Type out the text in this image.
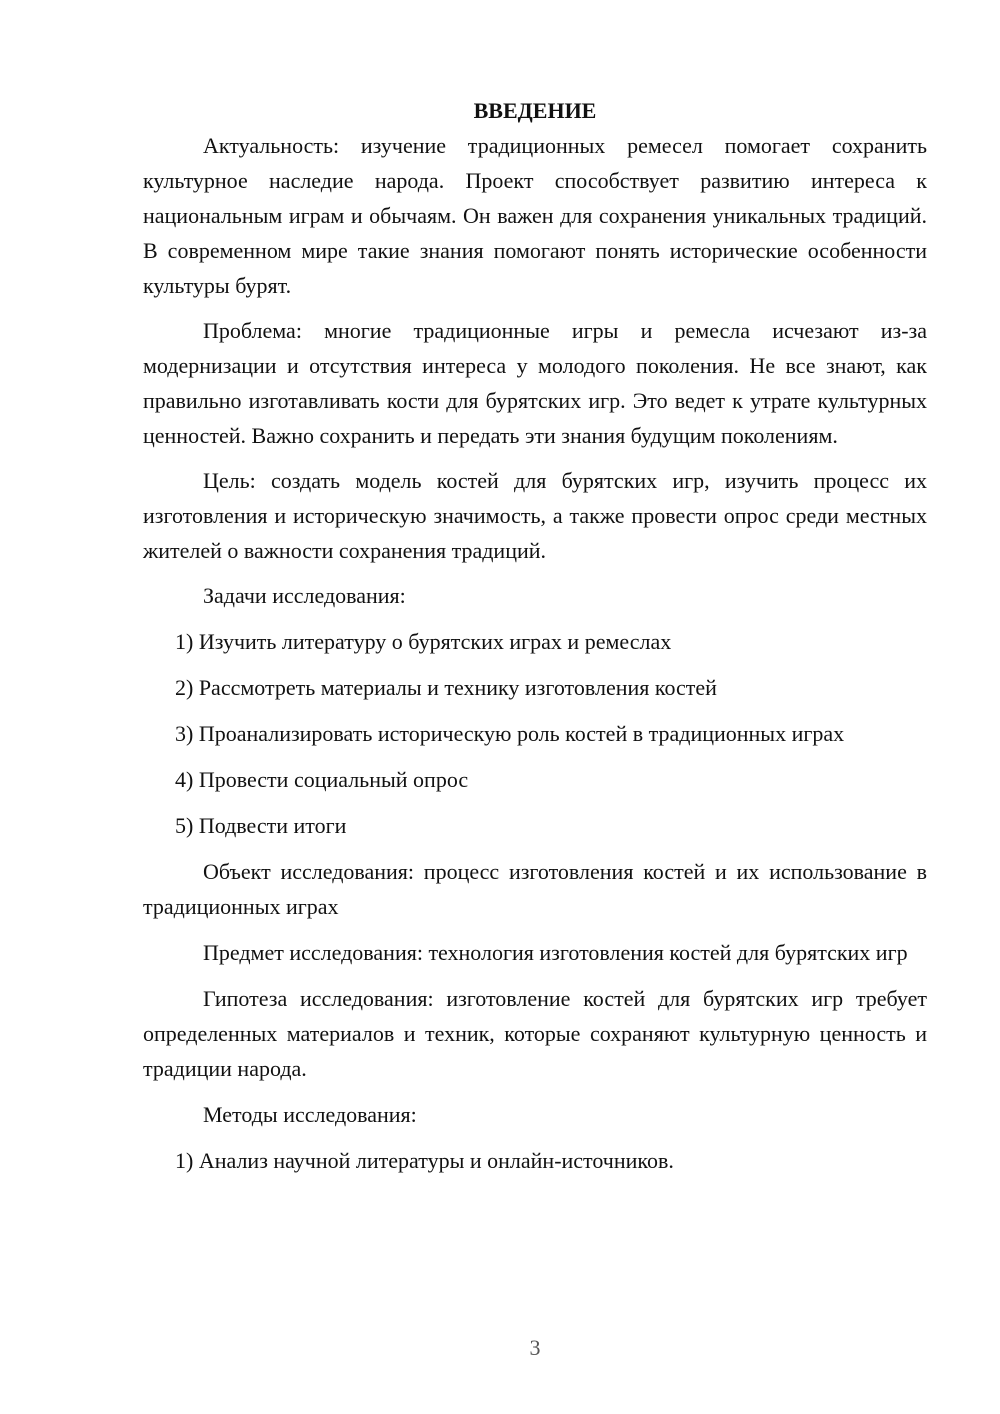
ВВЕДЕНИЕ

Актуальность: изучение традиционных ремесел помогает сохранить культурное наследие народа. Проект способствует развитию интереса к национальным играм и обычаям. Он важен для сохранения уникальных традиций. В современном мире такие знания помогают понять исторические особенности культуры бурят.

Проблема: многие традиционные игры и ремесла исчезают из-за модернизации и отсутствия интереса у молодого поколения. Не все знают, как правильно изготавливать кости для бурятских игр. Это ведет к утрате культурных ценностей. Важно сохранить и передать эти знания будущим поколениям.

Цель: создать модель костей для бурятских игр, изучить процесс их изготовления и историческую значимость, а также провести опрос среди местных жителей о важности сохранения традиций.

Задачи исследования:

1) Изучить литературу о бурятских играх и ремеслах

2) Рассмотреть материалы и технику изготовления костей

3) Проанализировать историческую роль костей в традиционных играх

4) Провести социальный опрос

5) Подвести итоги

Объект исследования: процесс изготовления костей и их использование в традиционных играх

Предмет исследования: технология изготовления костей для бурятских игр

Гипотеза исследования: изготовление костей для бурятских игр требует определенных материалов и техник, которые сохраняют культурную ценность и традиции народа.

Методы исследования:

1) Анализ научной литературы и онлайн-источников.

3
